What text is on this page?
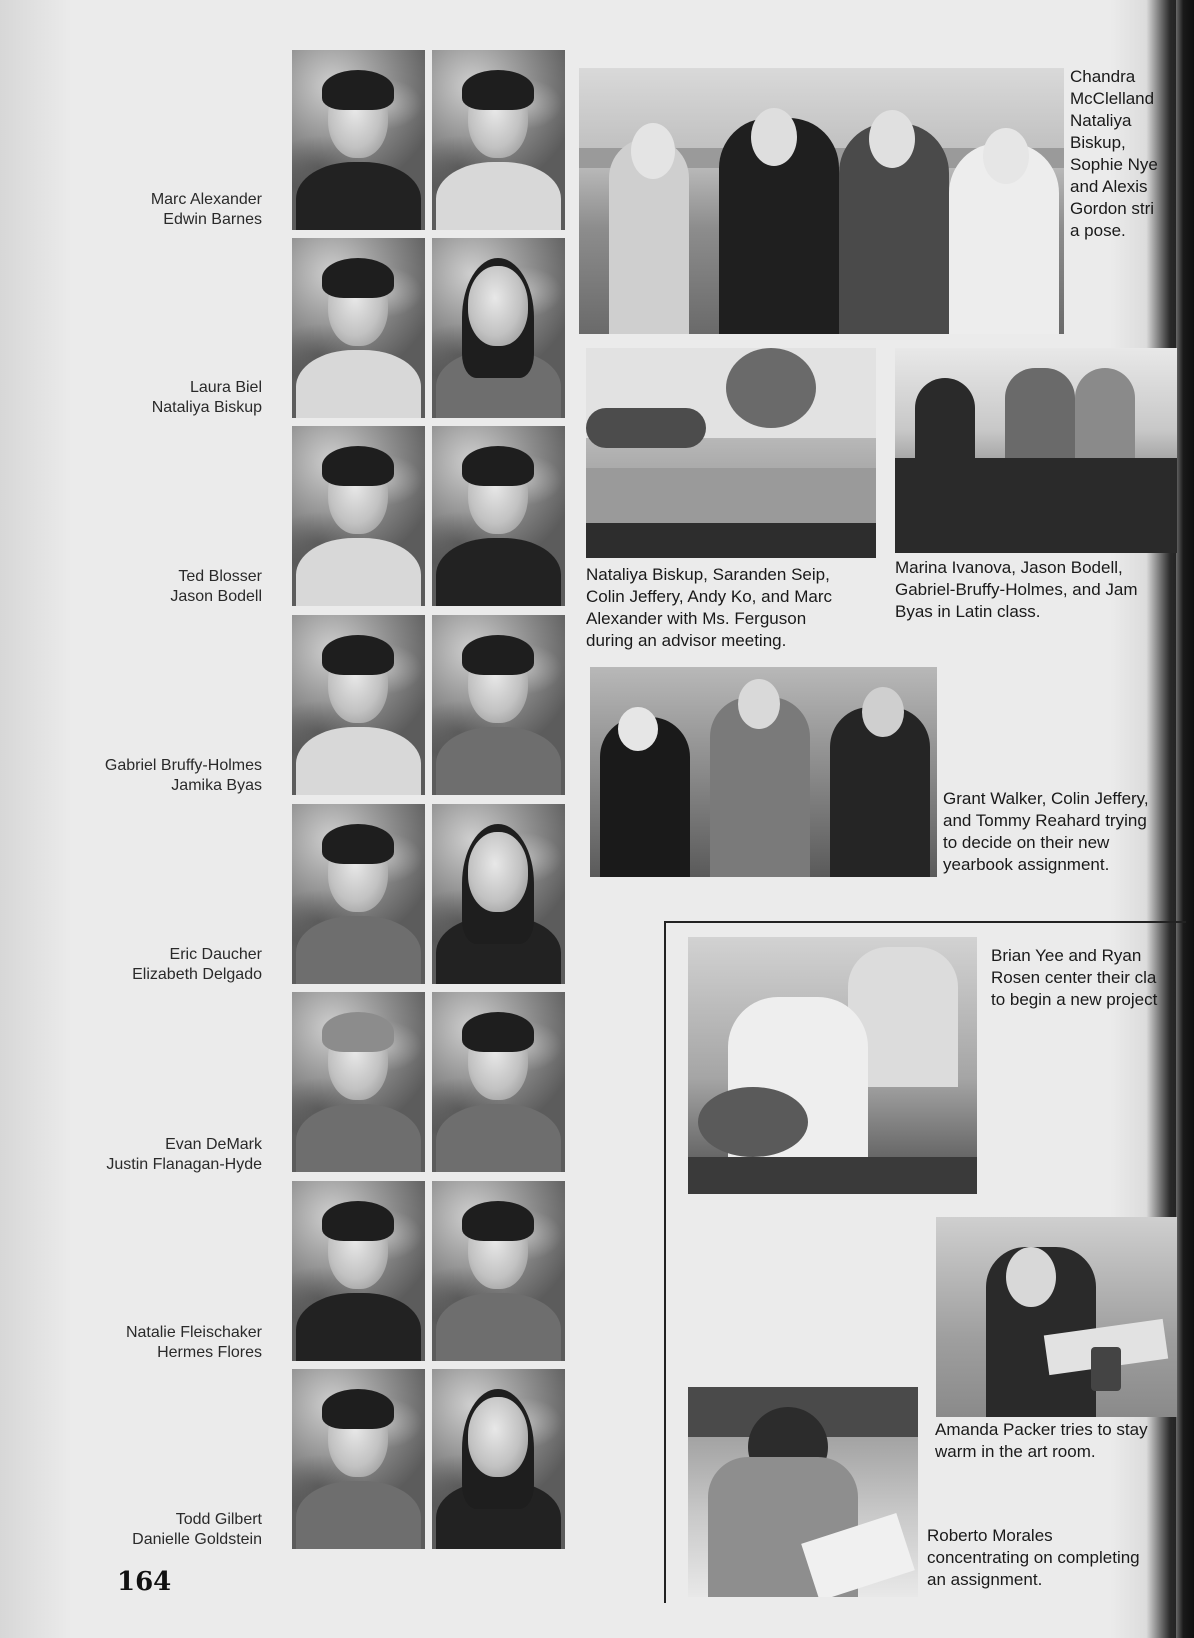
Marc Alexander
Edwin Barnes
Laura Biel
Nataliya Biskup
Ted Blosser
Jason Bodell
Gabriel Bruffy-Holmes
Jamika Byas
Eric Daucher
Elizabeth Delgado
Evan DeMark
Justin Flanagan-Hyde
Natalie Fleischaker
Hermes Flores
Todd Gilbert
Danielle Goldstein
Chandra
McClelland
Nataliya
Biskup,
Sophie Nye
and Alexis
Gordon stri
a pose.
Nataliya Biskup, Saranden Seip,
Colin Jeffery, Andy Ko, and Marc
Alexander with Ms. Ferguson
during an advisor meeting.
Marina Ivanova, Jason Bodell,
Gabriel-Bruffy-Holmes, and Jam
Byas in Latin class.
Grant Walker, Colin Jeffery,
and Tommy Reahard trying
to decide on their new
yearbook assignment.
Brian Yee and Ryan
Rosen center their cla
to begin a new project
Amanda Packer tries to stay
warm in the art room.
Roberto Morales
concentrating on completing
an assignment.
164
